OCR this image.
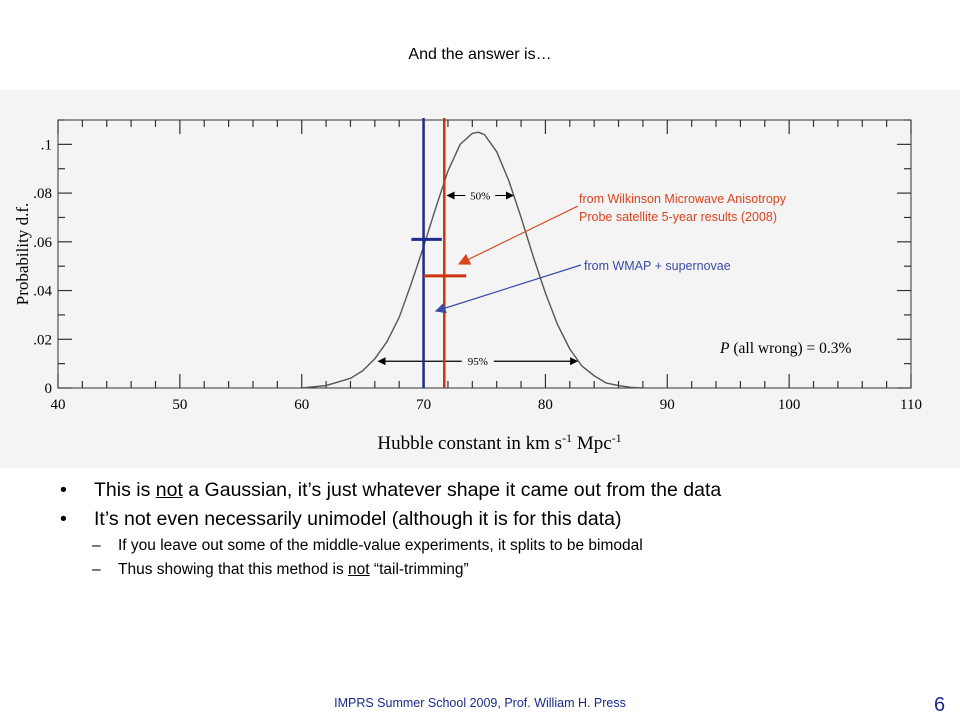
And the answer is…
40	50	60	70	80	90	100	110
0
.02
.04
.06
.08
.1
Hubble constant in km $s^{-1}$ Mpc$^{-1}$
Probability d.f.
50%
95%
from Wilkinson Microwave Anisotropy
Probe satellite 5-year results (2008)
from WMAP + supernovae
P (all wrong) = 0.3%
•	This is not a Gaussian, it’s just whatever shape it came out from the data
•	It’s not even necessarily unimodel (although it is for this data)
–	If you leave out some of the middle-value experiments, it splits to be bimodal
–	Thus showing that this method is not “tail-trimming”
IMPRS Summer School 2009, Prof. William H. Press	6
